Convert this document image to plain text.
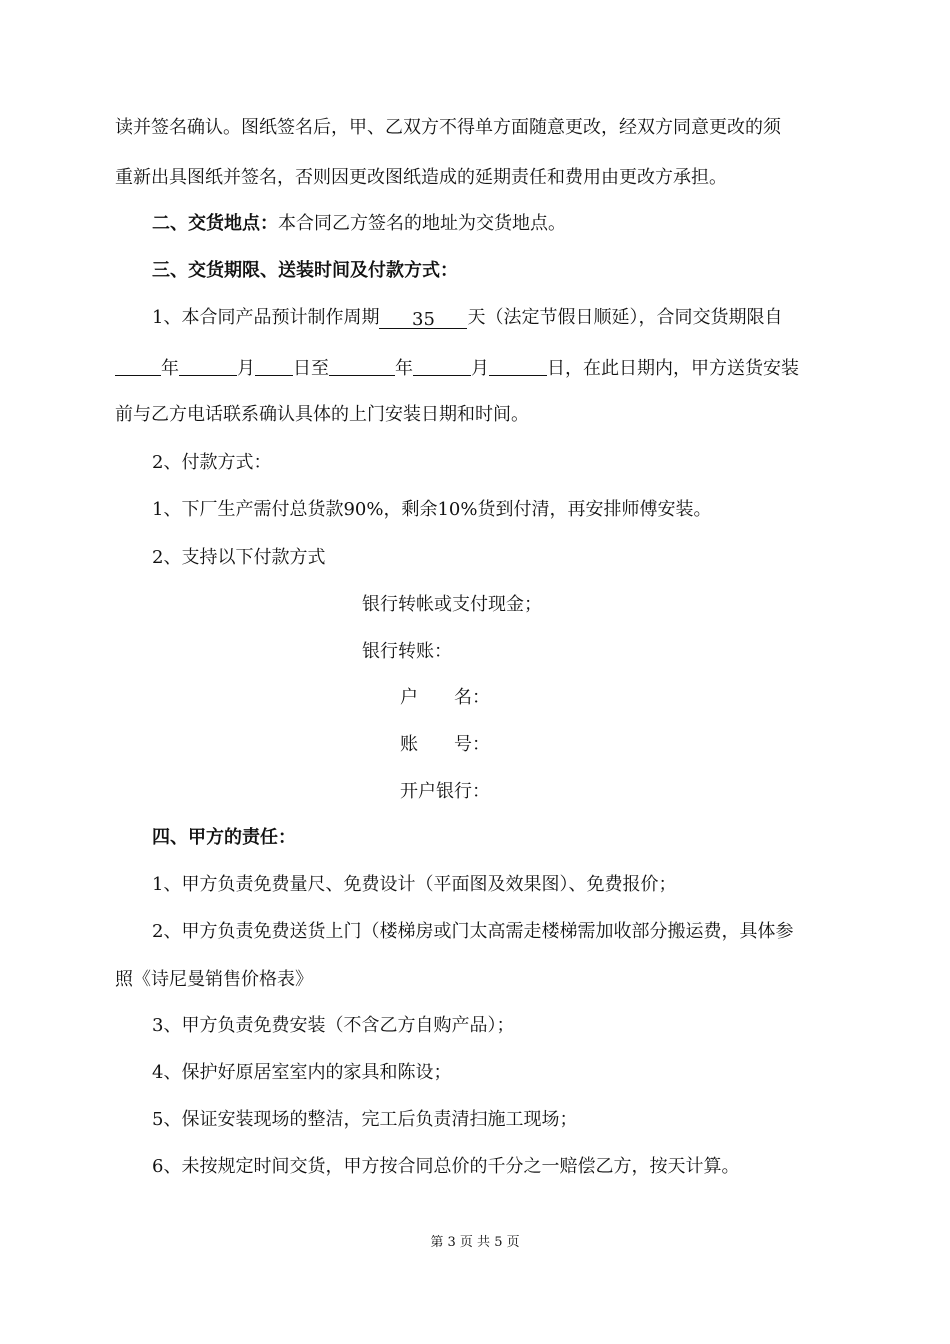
读并签名确认。图纸签名后，甲、乙双方不得单方面随意更改，经双方同意更改的须
重新出具图纸并签名，否则因更改图纸造成的延期责任和费用由更改方承担。
二、交货地点：本合同乙方签名的地址为交货地点。
三、交货期限、送装时间及付款方式：
1、本合同产品预计制作周期 35 天（法定节假日顺延），合同交货期限自
年	月 日至	年	月	日，在此日期内，甲方送货安装
前与乙方电话联系确认具体的上门安装日期和时间。
2、付款方式：
1、下厂生产需付总货款90%，剩余10%货到付清，再安排师傅安装。
2、支持以下付款方式
银行转帐或支付现金；
银行转账：
户　　名：
账　　号：
开户银行：
四、甲方的责任：
1、甲方负责免费量尺、免费设计（平面图及效果图）、免费报价；
2、甲方负责免费送货上门（楼梯房或门太高需走楼梯需加收部分搬运费，具体参
照《诗尼曼销售价格表》
3、甲方负责免费安装（不含乙方自购产品）；
4、保护好原居室室内的家具和陈设；
5、保证安装现场的整洁，完工后负责清扫施工现场；
6、未按规定时间交货，甲方按合同总价的千分之一赔偿乙方，按天计算。
第 3 页 共 5 页
